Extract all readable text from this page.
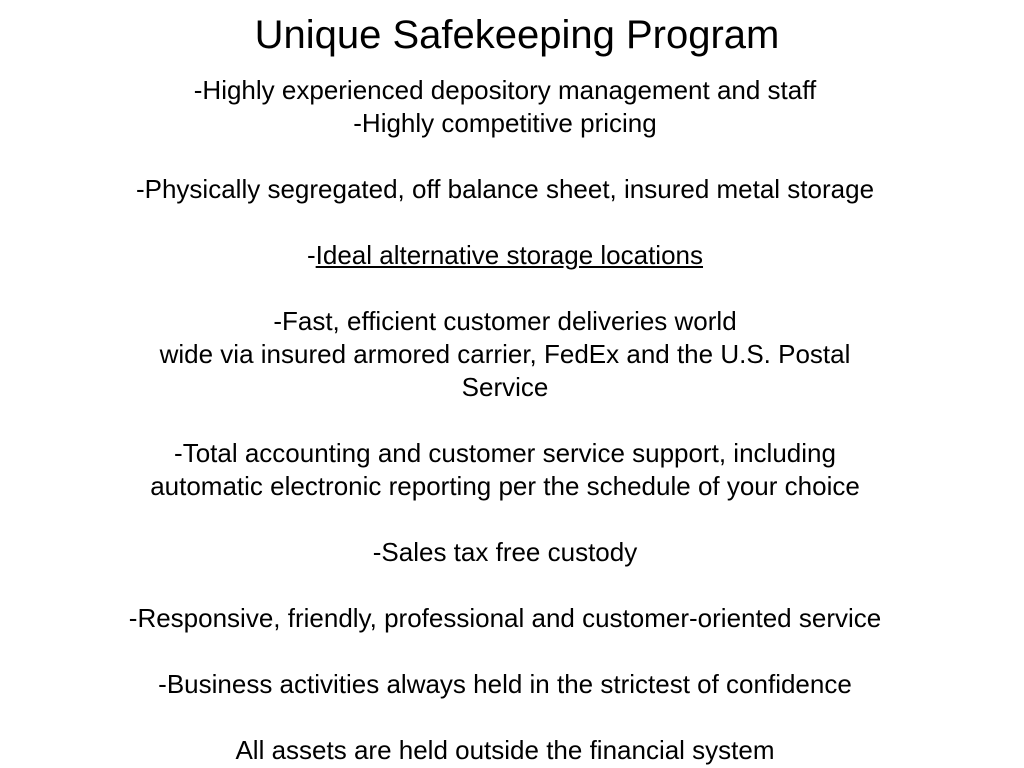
Unique Safekeeping Program
-Highly experienced depository management and staff
-Highly competitive pricing
-Physically segregated, off balance sheet, insured metal storage
-Ideal alternative storage locations
-Fast, efficient customer deliveries world
wide via insured armored carrier, FedEx and the U.S. Postal
Service
-Total accounting and customer service support, including
automatic electronic reporting per the schedule of your choice
-Sales tax free custody
-Responsive, friendly, professional and customer-oriented service
-Business activities always held in the strictest of confidence
All assets are held outside the financial system
